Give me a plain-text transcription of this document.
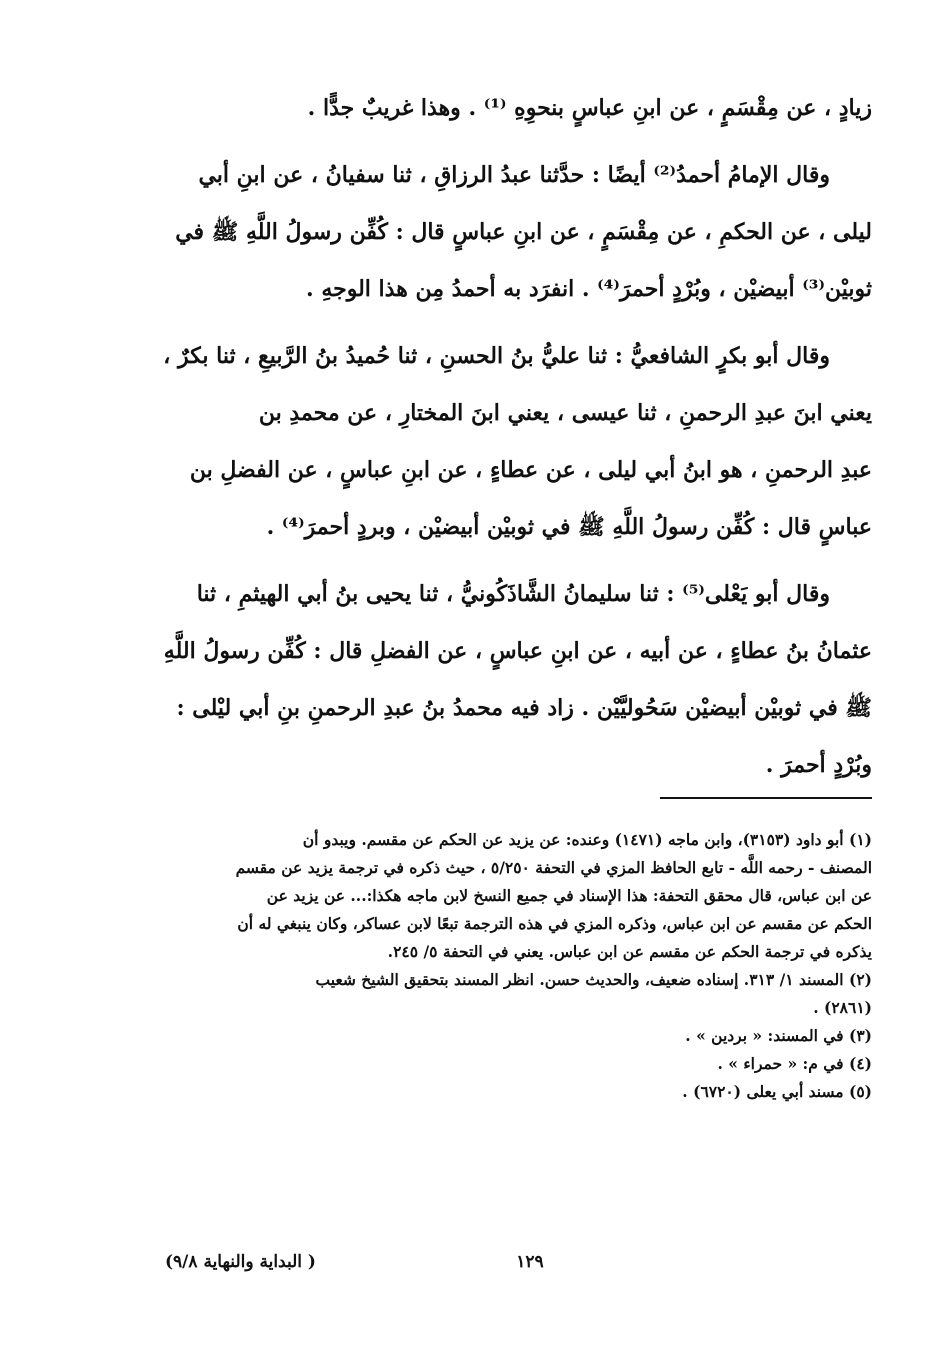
زيادٍ ، عن مِقْسَمٍ ، عن ابنِ عباسٍ بنحوِهِ ⁽¹⁾ . وهذا غريبٌ جدًّا .
وقال الإمامُ أحمدُ⁽²⁾ أيضًا : حدَّثنا عبدُ الرزاقِ ، ثنا سفيانُ ، عن ابنِ أبي
ليلى ، عن الحكمِ ، عن مِقْسَمٍ ، عن ابنِ عباسٍ قال : كُفِّن رسولُ اللَّهِ ﷺ في
ثوبيْن⁽³⁾ أبيضيْن ، وبُرْدٍ أحمرَ⁽⁴⁾ . انفرَد به أحمدُ مِن هذا الوجهِ .
وقال أبو بكرٍ الشافعيُّ : ثنا عليُّ بنُ الحسنِ ، ثنا حُميدُ بنُ الرَّبيعِ ، ثنا بكرٌ ،
يعني ابنَ عبدِ الرحمنِ ، ثنا عيسى ، يعني ابنَ المختارِ ، عن محمدِ بن
عبدِ الرحمنِ ، هو ابنُ أبي ليلى ، عن عطاءٍ ، عن ابنِ عباسٍ ، عن الفضلِ بن
عباسٍ قال : كُفِّن رسولُ اللَّهِ ﷺ في ثوبيْن أبيضيْن ، وبردٍ أحمرَ⁽⁴⁾ .
وقال أبو يَعْلى⁽⁵⁾ : ثنا سليمانُ الشَّاذَكُونيُّ ، ثنا يحيى بنُ أبي الهيثمِ ، ثنا
عثمانُ بنُ عطاءٍ ، عن أبيه ، عن ابنِ عباسٍ ، عن الفضلِ قال : كُفِّن رسولُ اللَّهِ
ﷺ في ثوبيْن أبيضيْن سَحُوليَّيْن . زاد فيه محمدُ بنُ عبدِ الرحمنِ بنِ أبي ليْلى :
وبُرْدٍ أحمرَ .
(١) أبو داود (٣١٥٣)، وابن ماجه (١٤٧١) وعنده: عن يزيد عن الحكم عن مقسم. ويبدو أن
المصنف - رحمه اللَّه - تابع الحافظ المزي في التحفة ٥/٢٥٠ ، حيث ذكره في ترجمة يزيد عن مقسم
عن ابن عباس، قال محقق التحفة: هذا الإسناد في جميع النسخ لابن ماجه هكذا:... عن يزيد عن
الحكم عن مقسم عن ابن عباس، وذكره المزي في هذه الترجمة تبعًا لابن عساكر، وكان ينبغي له أن
يذكره في ترجمة الحكم عن مقسم عن ابن عباس. يعني في التحفة ٥/ ٢٤٥.
(٢) المسند ١/ ٣١٣. إسناده ضعيف، والحديث حسن. انظر المسند بتحقيق الشيخ شعيب
(٢٨٦١) .
(٣) في المسند: « بردين » .
(٤) في م: « حمراء » .
(٥) مسند أبي يعلى (٦٧٢٠) .
١٢٩
( البداية والنهاية ٩/٨)
